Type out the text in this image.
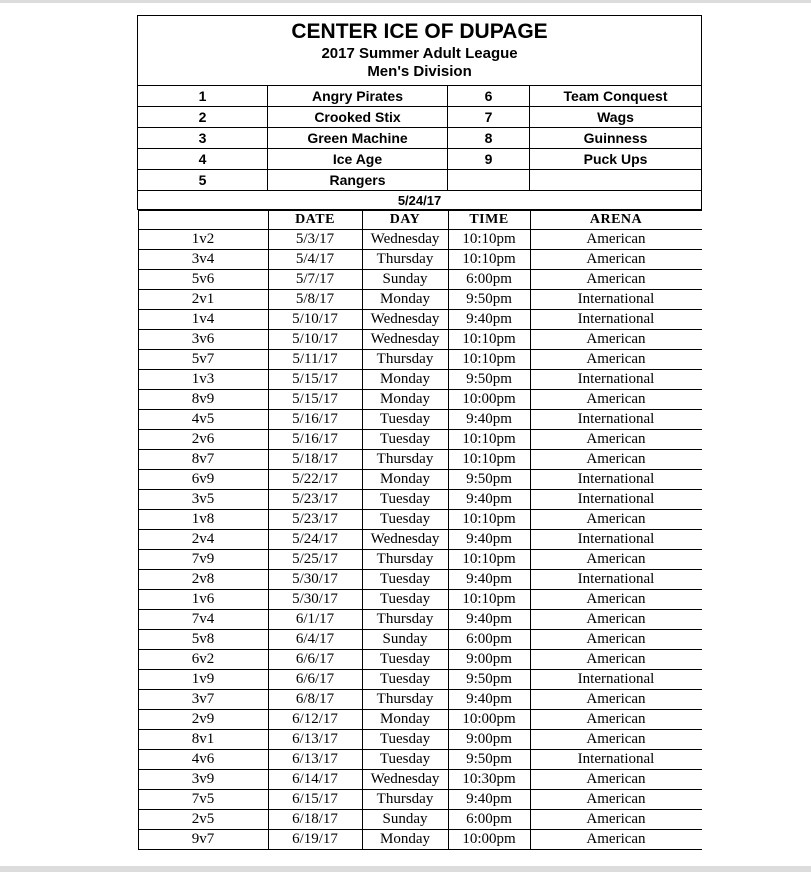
CENTER ICE OF DUPAGE
2017 Summer Adult League
Men's Division

1	Angry Pirates	6	Team Conquest
2	Crooked Stix	7	Wags
3	Green Machine	8	Guinness
4	Ice Age	9	Puck Ups
5	Rangers		
5/24/17

	DATE	DAY	TIME	ARENA
1v2	5/3/17	Wednesday	10:10pm	American
3v4	5/4/17	Thursday	10:10pm	American
5v6	5/7/17	Sunday	6:00pm	American
2v1	5/8/17	Monday	9:50pm	International
1v4	5/10/17	Wednesday	9:40pm	International
3v6	5/10/17	Wednesday	10:10pm	American
5v7	5/11/17	Thursday	10:10pm	American
1v3	5/15/17	Monday	9:50pm	International
8v9	5/15/17	Monday	10:00pm	American
4v5	5/16/17	Tuesday	9:40pm	International
2v6	5/16/17	Tuesday	10:10pm	American
8v7	5/18/17	Thursday	10:10pm	American
6v9	5/22/17	Monday	9:50pm	International
3v5	5/23/17	Tuesday	9:40pm	International
1v8	5/23/17	Tuesday	10:10pm	American
2v4	5/24/17	Wednesday	9:40pm	International
7v9	5/25/17	Thursday	10:10pm	American
2v8	5/30/17	Tuesday	9:40pm	International
1v6	5/30/17	Tuesday	10:10pm	American
7v4	6/1/17	Thursday	9:40pm	American
5v8	6/4/17	Sunday	6:00pm	American
6v2	6/6/17	Tuesday	9:00pm	American
1v9	6/6/17	Tuesday	9:50pm	International
3v7	6/8/17	Thursday	9:40pm	American
2v9	6/12/17	Monday	10:00pm	American
8v1	6/13/17	Tuesday	9:00pm	American
4v6	6/13/17	Tuesday	9:50pm	International
3v9	6/14/17	Wednesday	10:30pm	American
7v5	6/15/17	Thursday	9:40pm	American
2v5	6/18/17	Sunday	6:00pm	American
9v7	6/19/17	Monday	10:00pm	American
